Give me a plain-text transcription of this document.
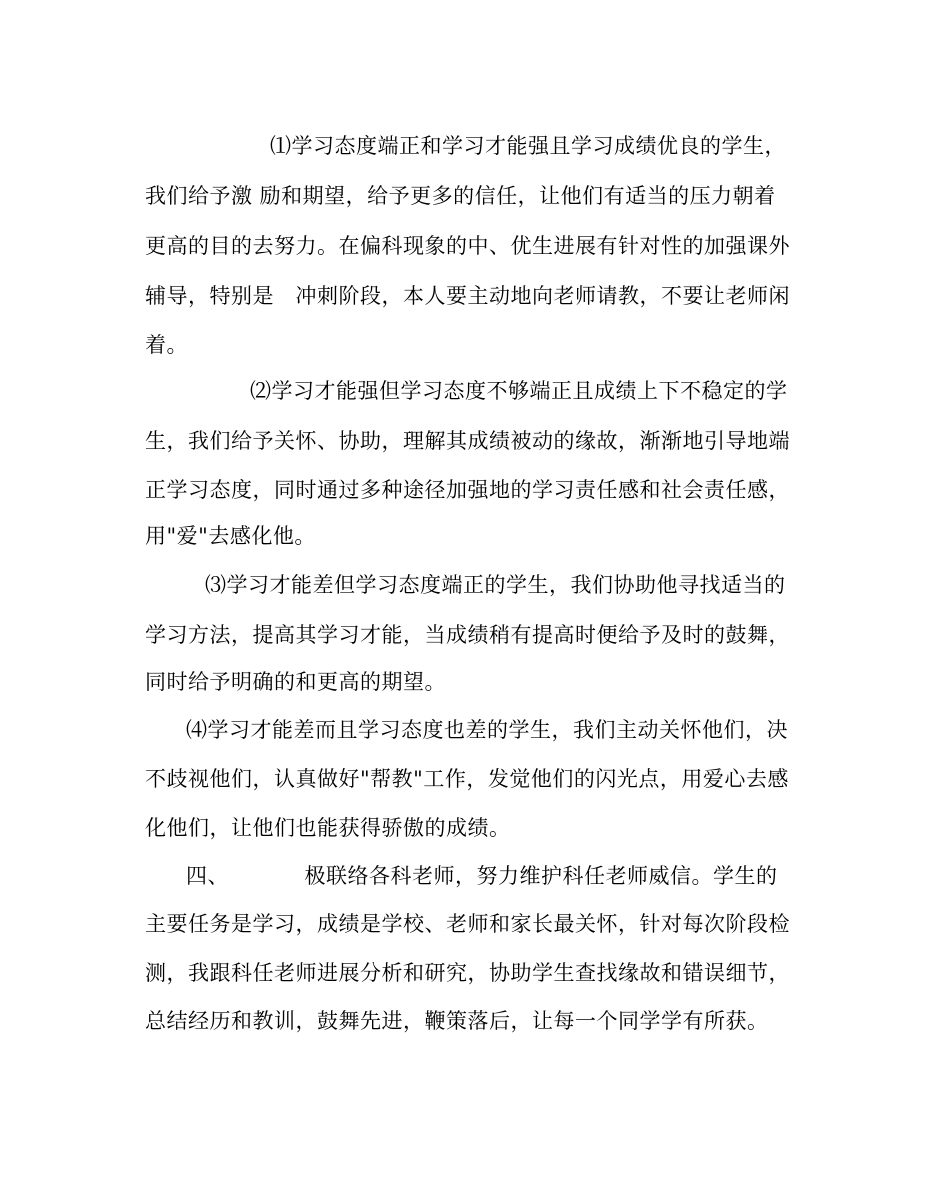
⑴学习态度端正和学习才能强且学习成绩优良的学生，
我们给予激 励和期望，给予更多的信任，让他们有适当的压力朝着
更高的目的去努力。在偏科现象的中、优生进展有针对性的加强课外
辅导，特别是　冲刺阶段，本人要主动地向老师请教，不要让老师闲
着。
⑵学习才能强但学习态度不够端正且成绩上下不稳定的学
生，我们给予关怀、协助，理解其成绩被动的缘故，渐渐地引导地端
正学习态度，同时通过多种途径加强地的学习责任感和社会责任感，
用"爱"去感化他。
⑶学习才能差但学习态度端正的学生，我们协助他寻找适当的
学习方法，提高其学习才能，当成绩稍有提高时便给予及时的鼓舞，
同时给予明确的和更高的期望。
⑷学习才能差而且学习态度也差的学生，我们主动关怀他们，决
不歧视他们，认真做好"帮教"工作，发觉他们的闪光点，用爱心去感
化他们，让他们也能获得骄傲的成绩。
四、　　　　极联络各科老师，努力维护科任老师威信。学生的
主要任务是学习，成绩是学校、老师和家长最关怀，针对每次阶段检
测，我跟科任老师进展分析和研究，协助学生查找缘故和错误细节，
总结经历和教训，鼓舞先进，鞭策落后，让每一个同学学有所获。
